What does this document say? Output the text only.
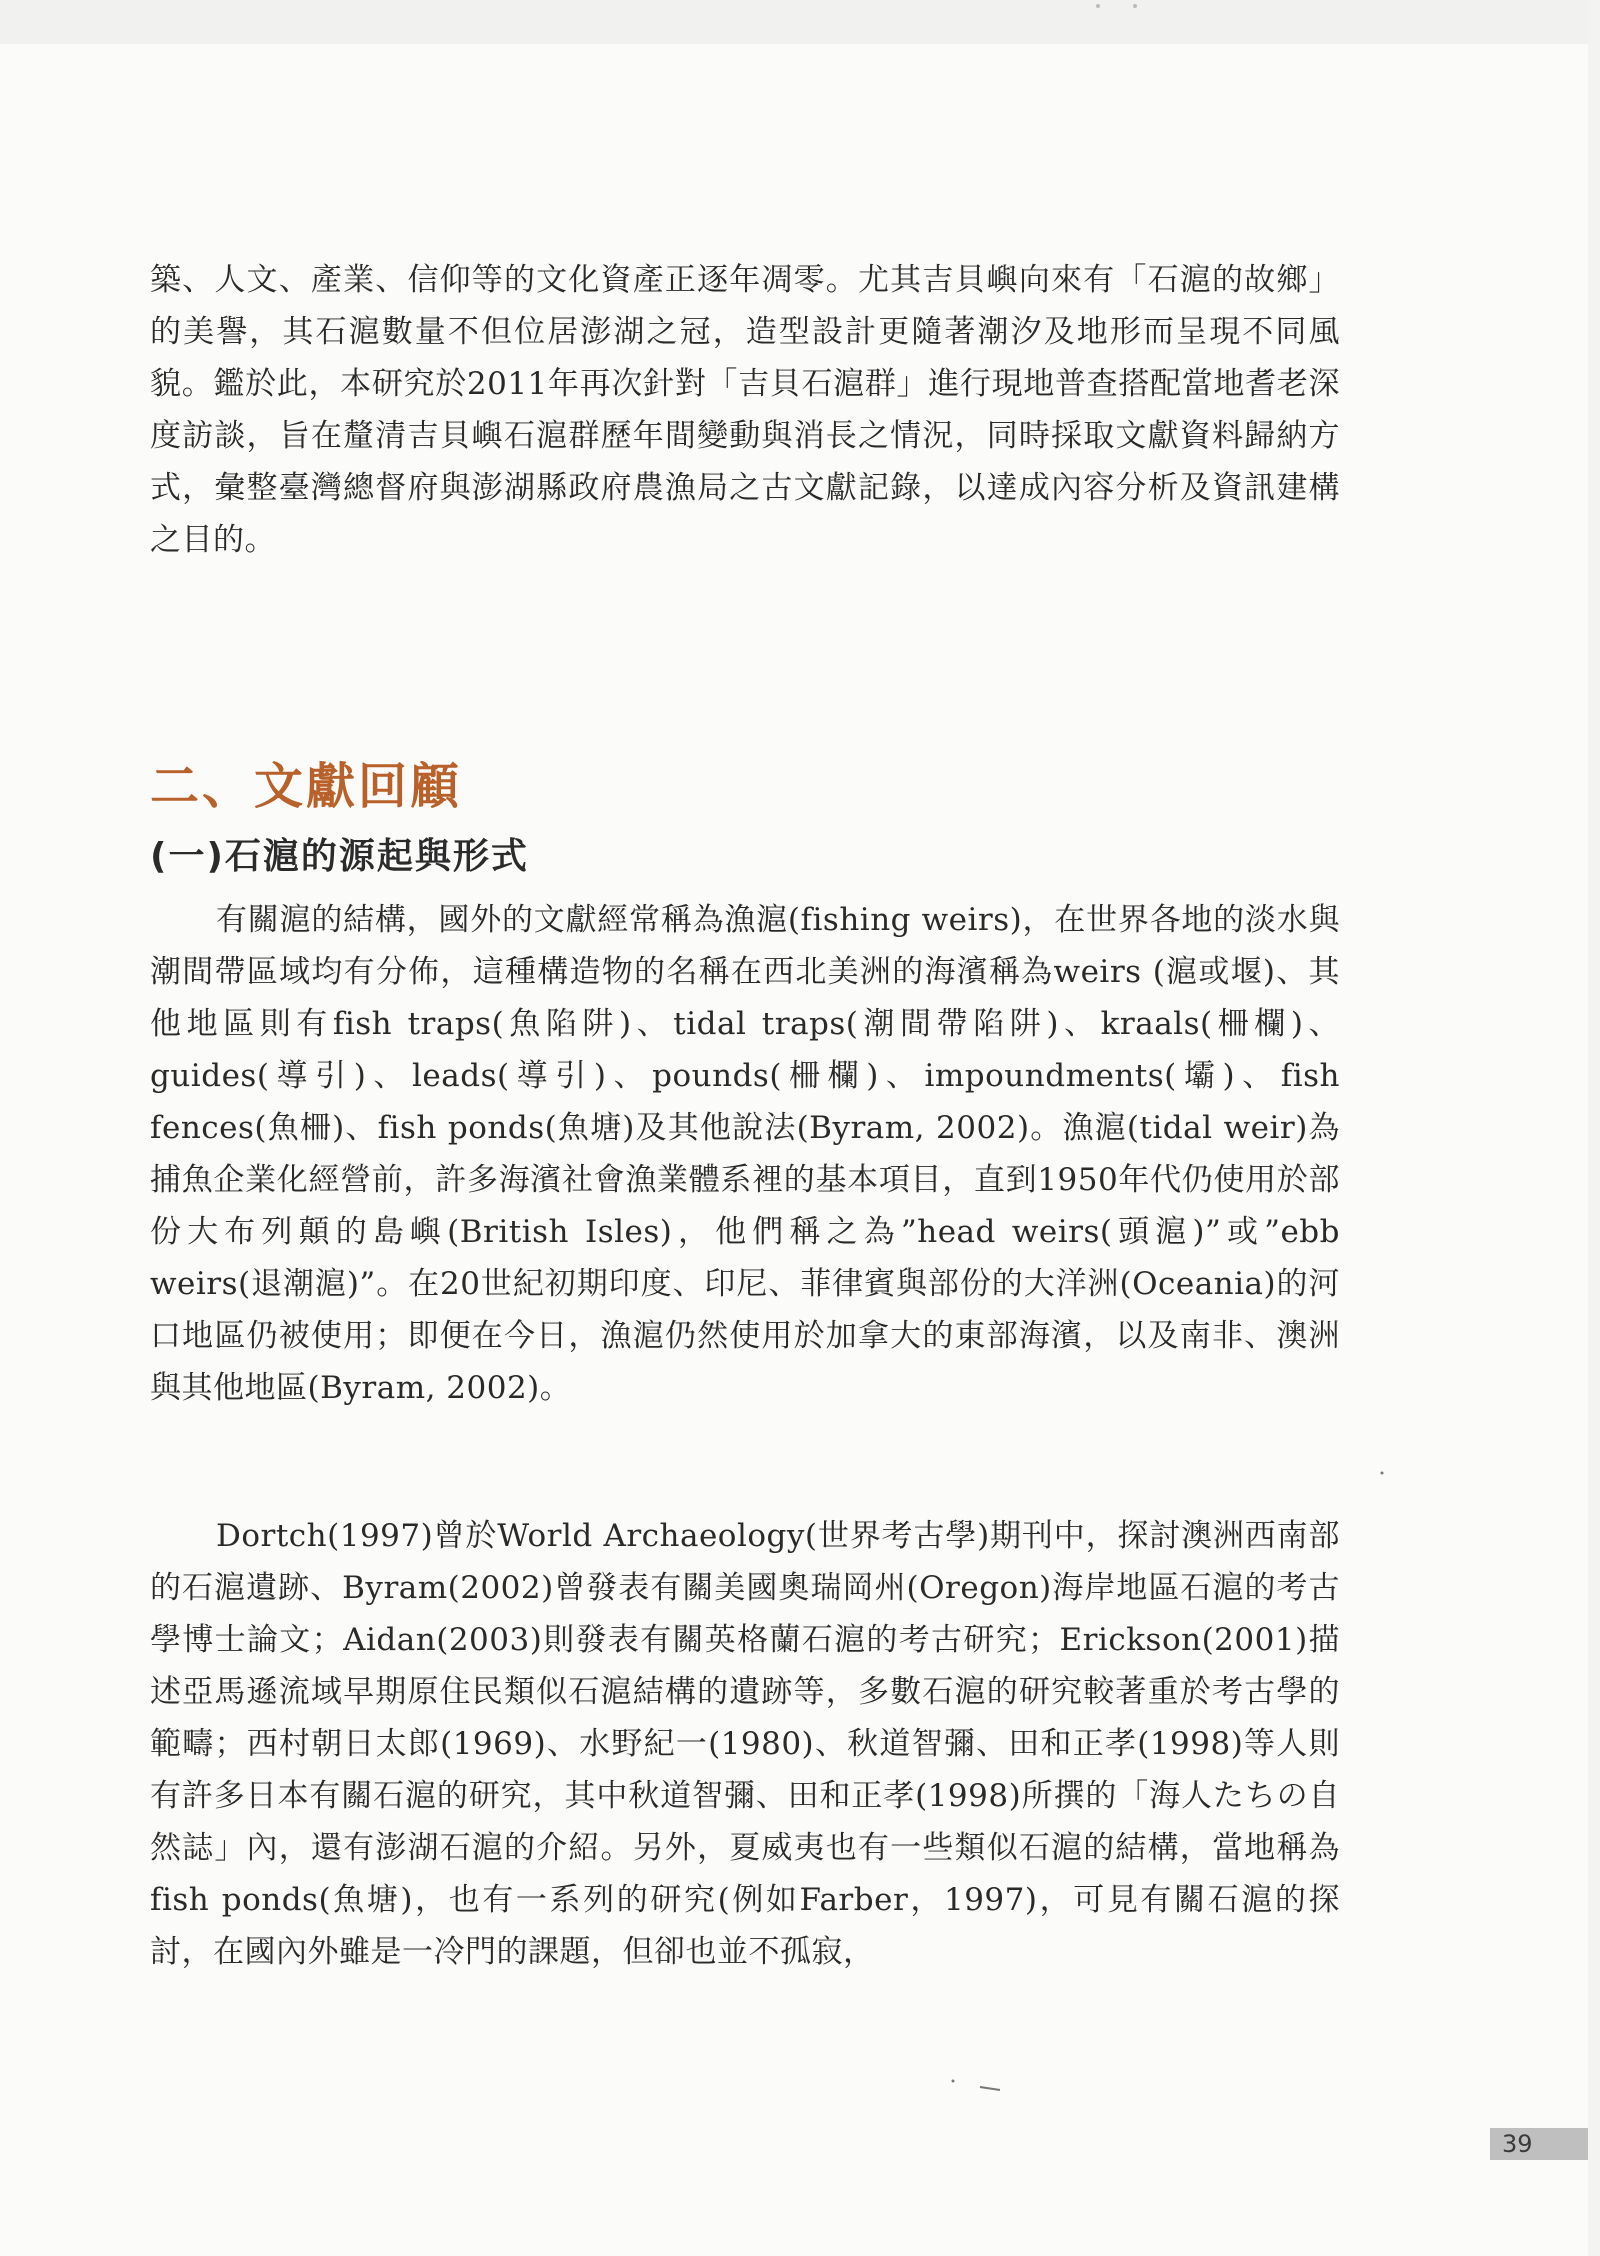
築、人文、產業、信仰等的文化資產正逐年凋零。尤其吉貝嶼向來有「石滬的故鄉」的美譽，其石滬數量不但位居澎湖之冠，造型設計更隨著潮汐及地形而呈現不同風貌。鑑於此，本研究於2011年再次針對「吉貝石滬群」進行現地普查搭配當地耆老深度訪談，旨在釐清吉貝嶼石滬群歷年間變動與消長之情況，同時採取文獻資料歸納方式，彙整臺灣總督府與澎湖縣政府農漁局之古文獻記錄，以達成內容分析及資訊建構之目的。

二、文獻回顧
(一)石滬的源起與形式

有關滬的結構，國外的文獻經常稱為漁滬(fishing weirs)，在世界各地的淡水與潮間帶區域均有分佈，這種構造物的名稱在西北美洲的海濱稱為weirs (滬或堰)、其他地區則有fish traps(魚陷阱)、tidal traps(潮間帶陷阱)、kraals(柵欄)、guides(導引)、leads(導引)、pounds(柵欄)、impoundments(壩)、fish fences(魚柵)、fish ponds(魚塘)及其他說法(Byram, 2002)。漁滬(tidal weir)為捕魚企業化經營前，許多海濱社會漁業體系裡的基本項目，直到1950年代仍使用於部份大布列顛的島嶼(British Isles)，他們稱之為”head weirs(頭滬)”或”ebb weirs(退潮滬)”。在20世紀初期印度、印尼、菲律賓與部份的大洋洲(Oceania)的河口地區仍被使用；即便在今日，漁滬仍然使用於加拿大的東部海濱，以及南非、澳洲與其他地區(Byram, 2002)。

Dortch(1997)曾於World Archaeology(世界考古學)期刊中，探討澳洲西南部的石滬遺跡、Byram(2002)曾發表有關美國奧瑞岡州(Oregon)海岸地區石滬的考古學博士論文；Aidan(2003)則發表有關英格蘭石滬的考古研究；Erickson(2001)描述亞馬遜流域早期原住民類似石滬結構的遺跡等，多數石滬的研究較著重於考古學的範疇；西村朝日太郎(1969)、水野紀一(1980)、秋道智彌、田和正孝(1998)等人則有許多日本有關石滬的研究，其中秋道智彌、田和正孝(1998)所撰的「海人たちの自然誌」內，還有澎湖石滬的介紹。另外，夏威夷也有一些類似石滬的結構，當地稱為fish ponds(魚塘)，也有一系列的研究(例如Farber，1997)，可見有關石滬的探討，在國內外雖是一冷門的課題，但卻也並不孤寂，

39
